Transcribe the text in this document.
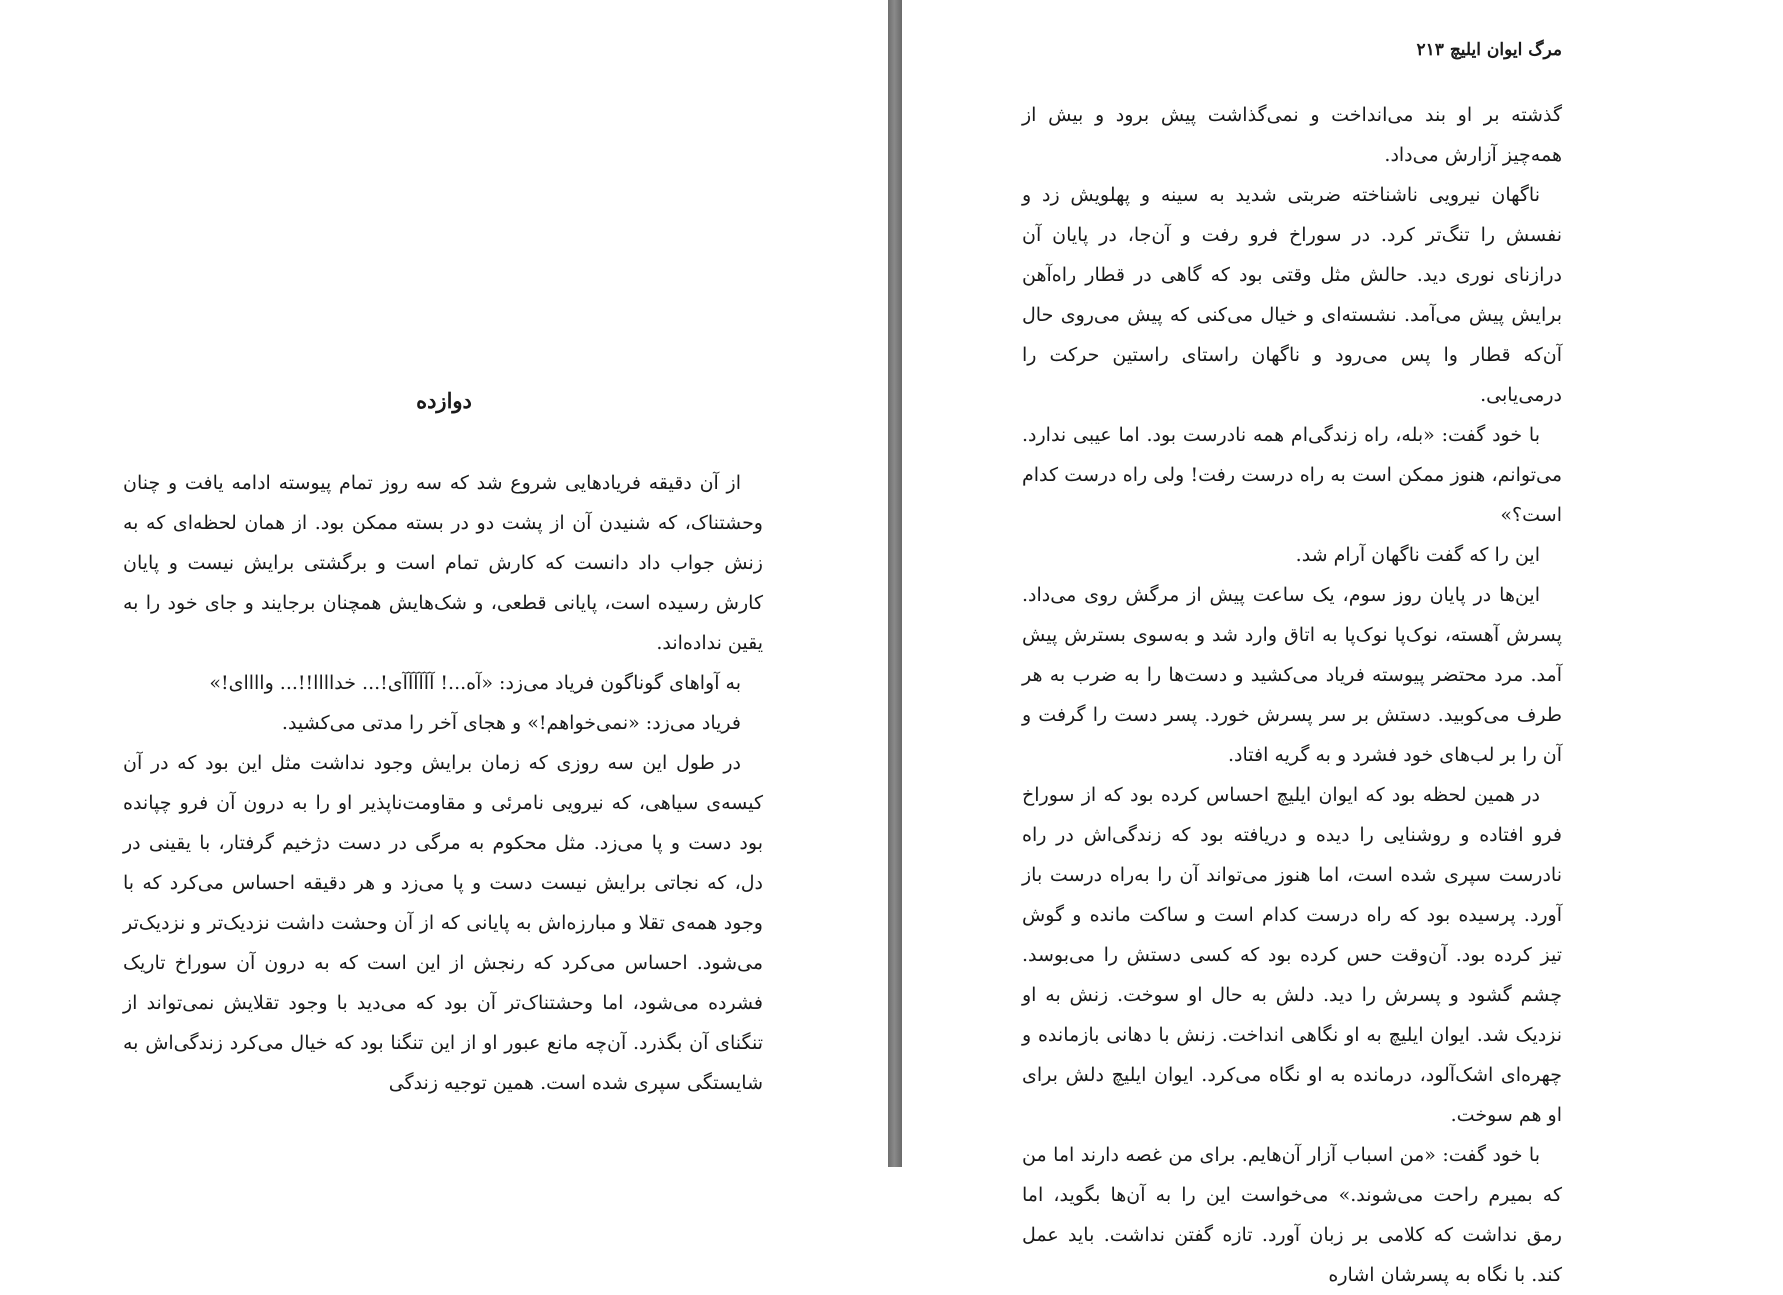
دوازده

از آن دقیقه فریادهایی شروع شد که سه روز تمام پیوسته ادامه یافت و چنان وحشتناک، که شنیدن آن از پشت دو در بسته ممکن بود. از همان لحظه‌ای که به زنش جواب داد دانست که کارش تمام است و برگشتی برایش نیست و پایان کارش رسیده است، پایانی قطعی، و شک‌هایش همچنان برجایند و جای خود را به یقین نداده‌اند.

به آواهای گوناگون فریاد می‌زد: «آه...! آآآآآآی!... خداااا!!... واااای!»

فریاد می‌زد: «نمی‌خواهم!» و هجای آخر را مدتی می‌کشید.

در طول این سه روزی که زمان برایش وجود نداشت مثل این بود که در آن کیسه‌ی سیاهی، که نیرویی نامرئی و مقاومت‌ناپذیر او را به درون آن فرو چپانده بود دست و پا می‌زد. مثل محکوم به مرگی در دست دژخیم گرفتار، با یقینی در دل، که نجاتی برایش نیست دست و پا می‌زد و هر دقیقه احساس می‌کرد که با وجود همه‌ی تقلا و مبارزه‌اش به پایانی که از آن وحشت داشت نزدیک‌تر و نزدیک‌تر می‌شود. احساس می‌کرد که رنجش از این است که به درون آن سوراخ تاریک فشرده می‌شود، اما وحشتناک‌تر آن بود که می‌دید با وجود تقلایش نمی‌تواند از تنگنای آن بگذرد. آن‌چه مانع عبور او از این تنگنا بود که خیال می‌کرد زندگی‌اش به شایستگی سپری شده است. همین توجیه زندگی

مرگ ایوان ایلیچ ۲۱۳

گذشته بر او بند می‌انداخت و نمی‌گذاشت پیش برود و بیش از همه‌چیز آزارش می‌داد.

ناگهان نیرویی ناشناخته ضربتی شدید به سینه و پهلویش زد و نفسش را تنگ‌تر کرد. در سوراخ فرو رفت و آن‌جا، در پایان آن درازنای نوری دید. حالش مثل وقتی بود که گاهی در قطار راه‌آهن برایش پیش می‌آمد. نشسته‌ای و خیال می‌کنی که پیش می‌روی حال آن‌که قطار وا پس می‌رود و ناگهان راستای راستین حرکت را درمی‌یابی.

با خود گفت: «بله، راه زندگی‌ام همه نادرست بود. اما عیبی ندارد. می‌توانم، هنوز ممکن است به راه درست رفت! ولی راه درست کدام است؟»

این را که گفت ناگهان آرام شد.

این‌ها در پایان روز سوم، یک ساعت پیش از مرگش روی می‌داد. پسرش آهسته، نوک‌پا نوک‌پا به اتاق وارد شد و به‌سوی بسترش پیش آمد. مرد محتضر پیوسته فریاد می‌کشید و دست‌ها را به ضرب به هر طرف می‌کوبید. دستش بر سر پسرش خورد. پسر دست را گرفت و آن را بر لب‌های خود فشرد و به گریه افتاد.

در همین لحظه بود که ایوان ایلیچ احساس کرده بود که از سوراخ فرو افتاده و روشنایی را دیده و دریافته بود که زندگی‌اش در راه نادرست سپری شده است، اما هنوز می‌تواند آن را به‌راه درست باز آورد. پرسیده بود که راه درست کدام است و ساکت مانده و گوش تیز کرده بود. آن‌وقت حس کرده بود که کسی دستش را می‌بوسد. چشم گشود و پسرش را دید. دلش به حال او سوخت. زنش به او نزدیک شد. ایوان ایلیچ به او نگاهی انداخت. زنش با دهانی بازمانده و چهره‌ای اشک‌آلود، درمانده به او نگاه می‌کرد. ایوان ایلیچ دلش برای او هم سوخت.

با خود گفت: «من اسباب آزار آن‌هایم. برای من غصه دارند اما من که بمیرم راحت می‌شوند.» می‌خواست این را به آن‌ها بگوید، اما رمق نداشت که کلامی بر زبان آورد. تازه گفتن نداشت. باید عمل کند. با نگاه به پسرشان اشاره
